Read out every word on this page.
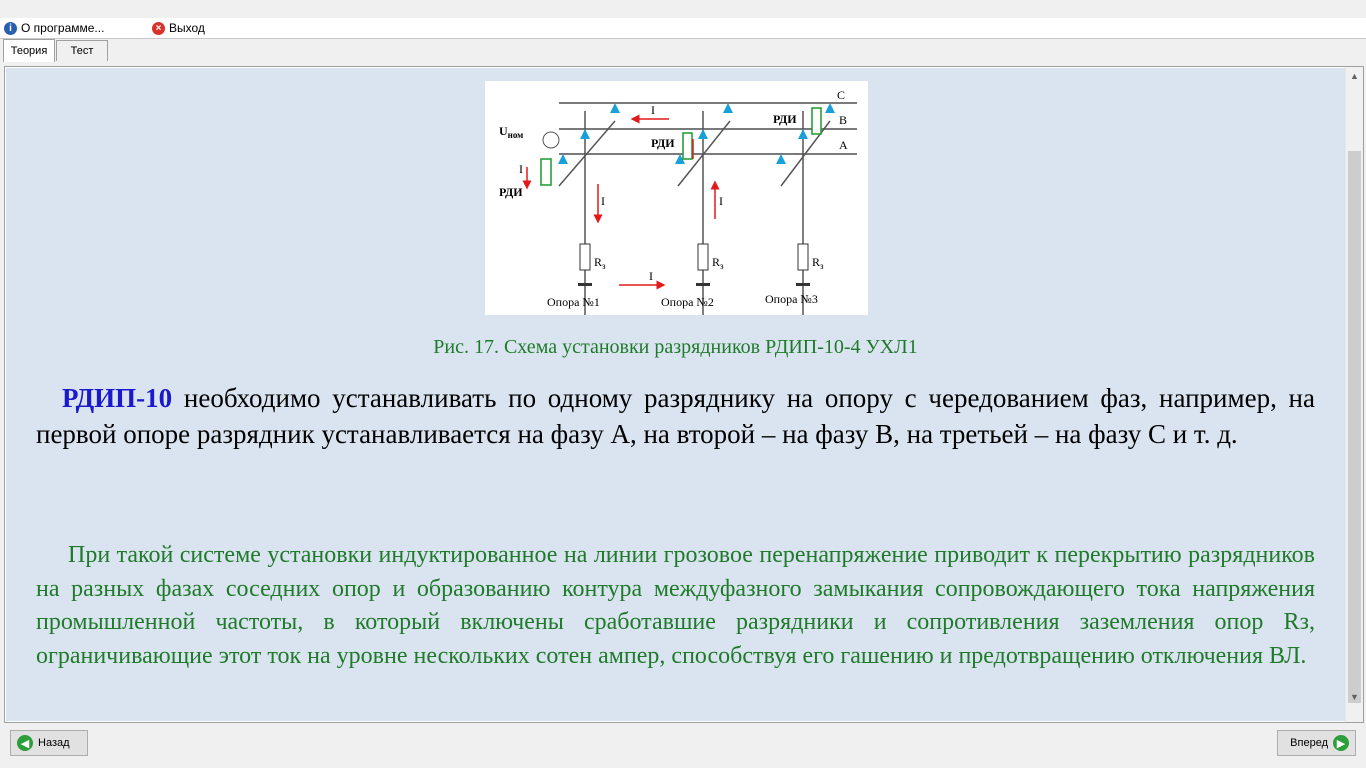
i О программе...	× Выход
Теория Тест
C
B
A
$U_{ном}$
РДИ
I
I
$R_з$
Опора №1
РДИ
I
I
$R_з$
Опора №2
I
РДИ
$R_з$
Опора №3
Рис. 17. Схема установки разрядников РДИП-10-4 УХЛ1
РДИП-10 необходимо устанавливать по одному разряднику на опору с чередованием фаз, например, на первой опоре разрядник устанавливается на фазу А, на второй – на фазу В, на третьей – на фазу С и т. д.
При такой системе установки индуктированное на линии грозовое перенапряжение приводит к перекрытию разрядников на разных фазах соседних опор и образованию контура междуфазного замыкания сопровождающего тока напряжения промышленной частоты, в который включены сработавшие разрядники и сопротивления заземления опор Rз, ограничивающие этот ток на уровне нескольких сотен ампер, способствуя его гашению и предотвращению отключения ВЛ.
▲
▼
◀ Назад	Вперед ▶
